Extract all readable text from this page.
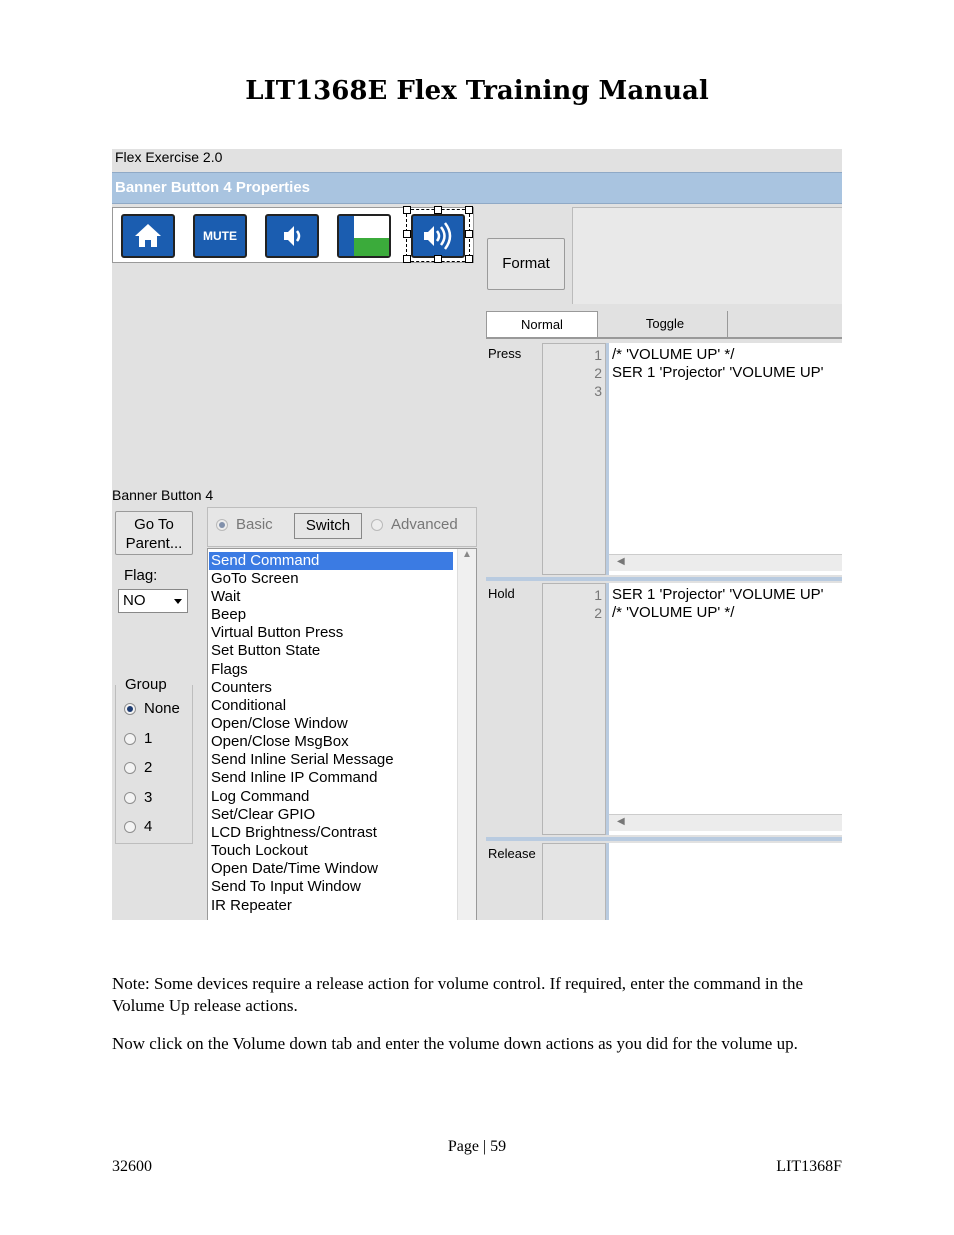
LIT1368E Flex Training Manual
Flex Exercise 2.0
Banner Button 4 Properties
MUTE
Format
Normal	Toggle
Press	1
2
3
/* 'VOLUME UP' */
SER 1 'Projector' 'VOLUME UP'
◀
Hold	1
2
SER 1 'Projector' 'VOLUME UP'
/* 'VOLUME UP' */
◀
Release
Banner Button 4
Go To Parent...
Flag:
NO
Group
None
1
2
3
4
Basic	Switch	Advanced
Send Command
GoTo Screen
Wait
Beep
Virtual Button Press
Set Button State
Flags
Counters
Conditional
Open/Close Window
Open/Close MsgBox
Send Inline Serial Message
Send Inline IP Command
Log Command
Set/Clear GPIO
LCD Brightness/Contrast
Touch Lockout
Open Date/Time Window
Send To Input Window
IR Repeater
▲
Note: Some devices require a release action for volume control. If required, enter the command in the Volume Up release actions.
Now click on the Volume down tab and enter the volume down actions as you did for the volume up.
Page | 59
32600	LIT1368F
